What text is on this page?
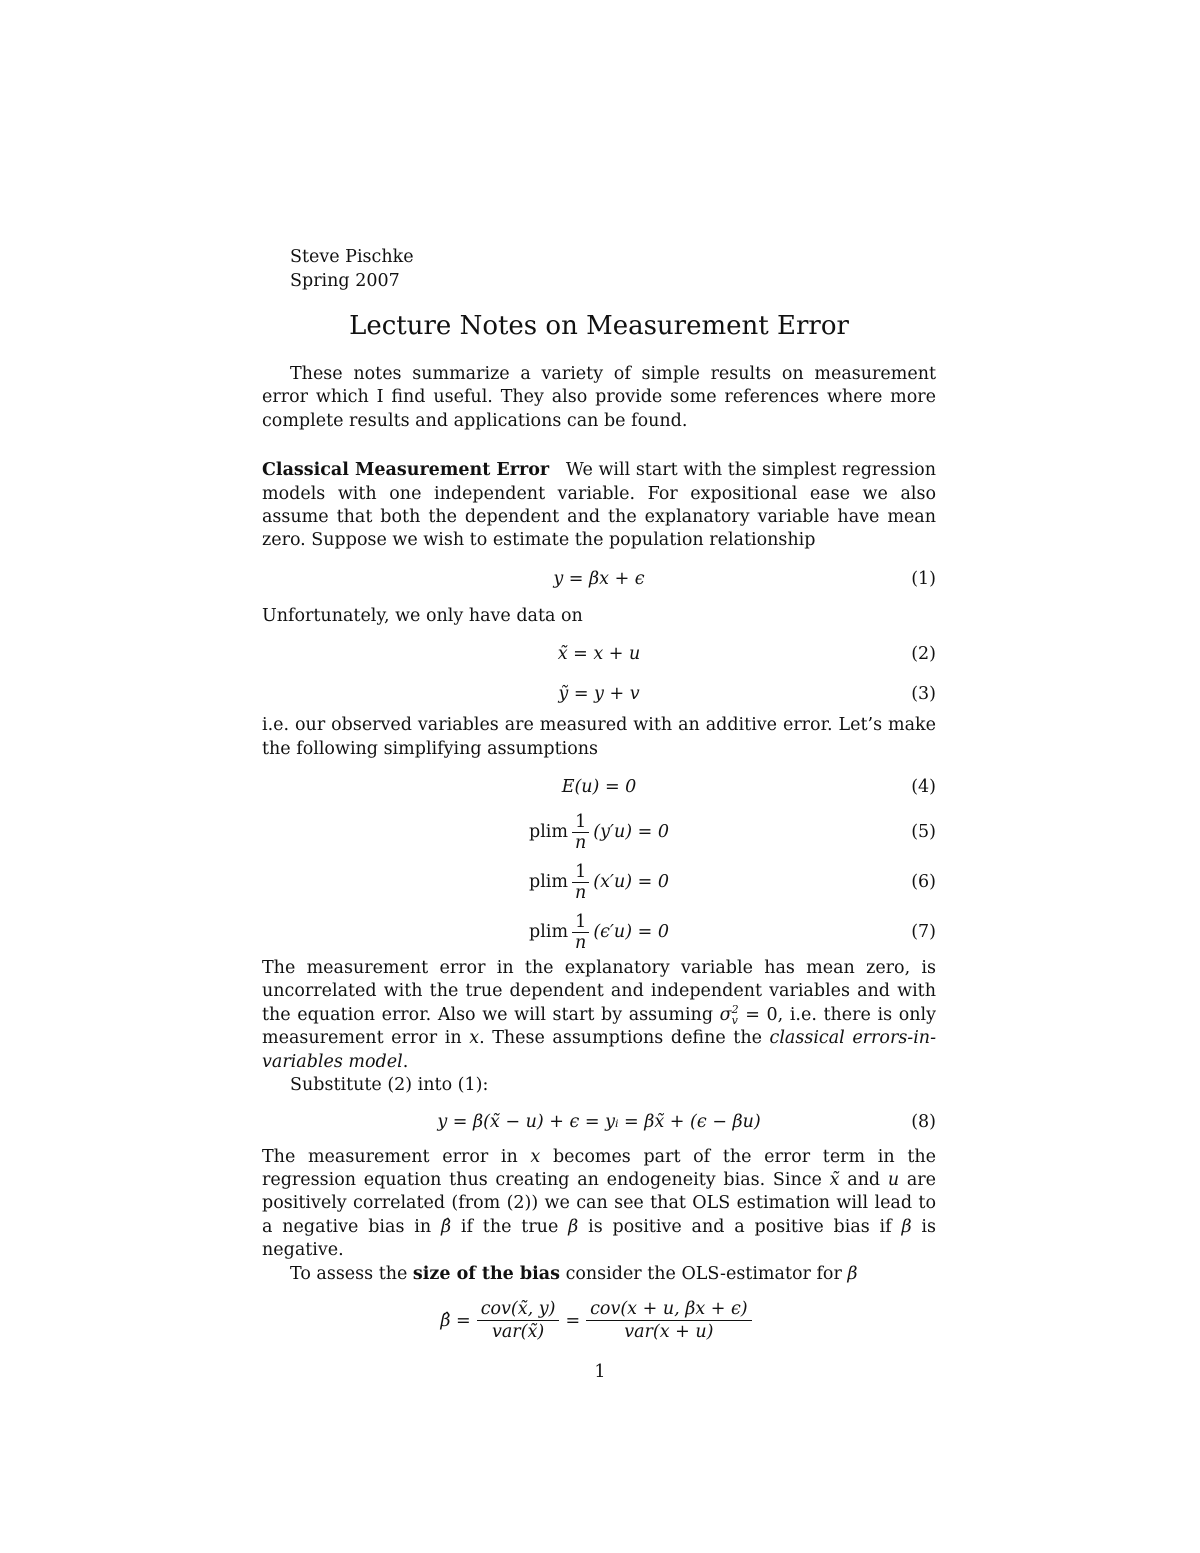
Steve Pischke
Spring 2007
Lecture Notes on Measurement Error

These notes summarize a variety of simple results on measurement error which I find useful. They also provide some references where more complete results and applications can be found.

Classical Measurement Error We will start with the simplest regression models with one independent variable. For expositional ease we also assume that both the dependent and the explanatory variable have mean zero. Suppose we wish to estimate the population relationship

y = βx + ϵ	(1)

Unfortunately, we only have data on

x̃ = x + u	(2)
ỹ = y + v	(3)

i.e. our observed variables are measured with an additive error. Let’s make the following simplifying assumptions

E(u) = 0	(4)
plim $\frac{1}{n} (y'u) = 0$	(5)
plim $\frac{1}{n} (x'u) = 0$	(6)
plim $\frac{1}{n} (\epsilon'u) = 0$	(7)

The measurement error in the explanatory variable has mean zero, is uncorrelated with the true dependent and independent variables and with the equation error. Also we will start by assuming σ 2
v = 0, i.e. there is only measurement error in x. These assumptions define the classical errors-in-variables model.

Substitute (2) into (1):

y = β(x̃ − u) + ϵ = yᵢ = βx̃ + (ϵ − βu)	(8)

The measurement error in x becomes part of the error term in the regression equation thus creating an endogeneity bias. Since x̃ and u are positively correlated (from (2)) we can see that OLS estimation will lead to a negative bias in β̂ if the true β is positive and a positive bias if β is negative.

To assess the size of the bias consider the OLS-estimator for β

β̂ =
cov(x̃, y)
var(x̃)
=
cov(x + u, βx + ϵ)
var(x + u)
1
